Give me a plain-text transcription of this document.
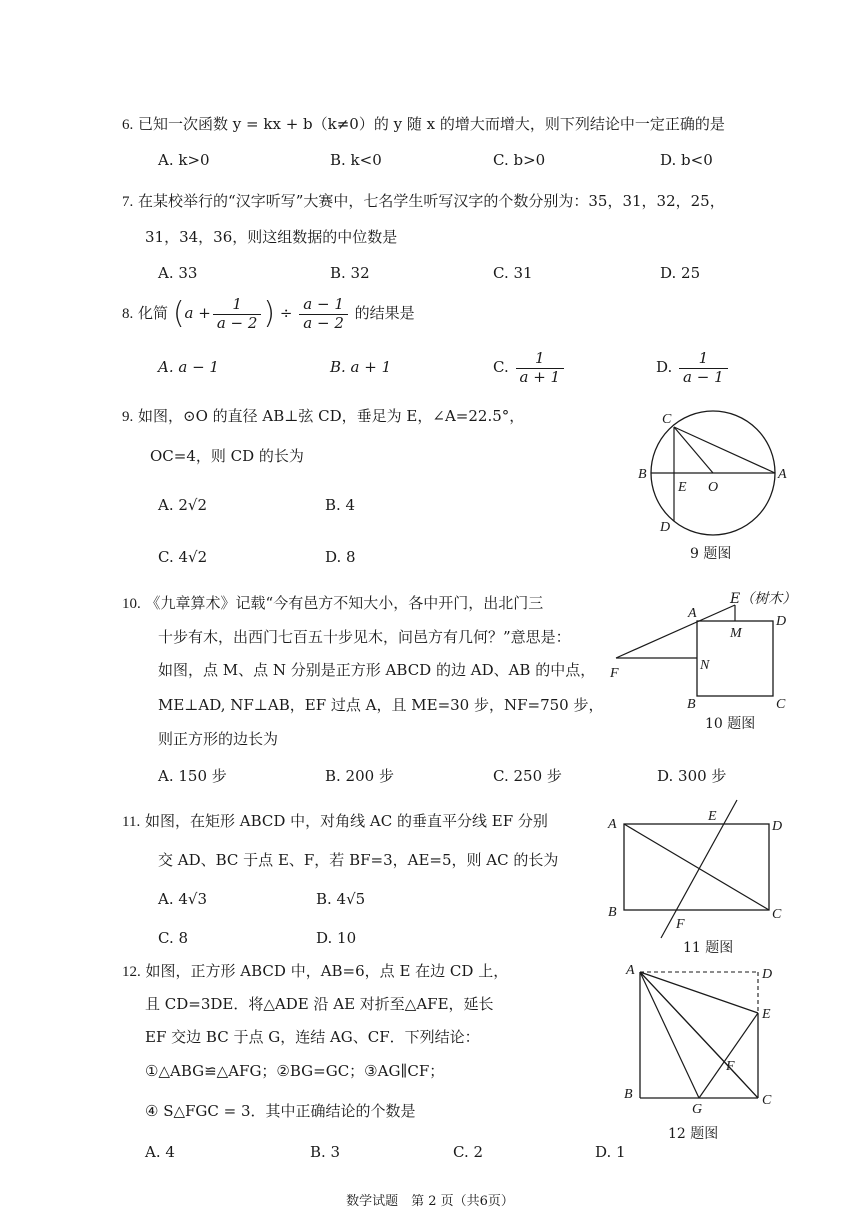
6. 已知一次函数 y = kx + b（k≠0）的 y 随 x 的增大而增大，则下列结论中一定正确的是
A. k>0	B. k<0	C. b>0	D. b<0
7. 在某校举行的“汉字听写”大赛中，七名学生听写汉字的个数分别为：35，31，32，25，
31，34，36，则这组数据的中位数是
A. 33	B. 32	C. 31	D. 25
8. 化简 ($a + \frac{1}{a - 2}$ ) ÷ $\frac{a - 1}{a - 2}$ 的结果是
A. a − 1	B. a + 1	C. $\frac{1}{a + 1}$	D. $\frac{1}{a - 1}$
9. 如图，⊙O 的直径 AB⊥弦 CD，垂足为 E，∠A=22.5°，
OC=4，则 CD 的长为
A. 2√2	B. 4
C. 4√2	D. 8
C
B	A
E O
D
9 题图
10. 《九章算术》记载“今有邑方不知大小，各中开门，出北门三
十步有木，出西门七百五十步见木，问邑方有几何？”意思是：
如图，点 M、点 N 分别是正方形 ABCD 的边 AD、AB 的中点，
ME⊥AD, NF⊥AB，EF 过点 A，且 ME=30 步，NF=750 步，
则正方形的边长为
A. 150 步	B. 200 步	C. 250 步	D. 300 步
A
M
D
N
F
B	C
E（树木）
10 题图
11. 如图，在矩形 ABCD 中，对角线 AC 的垂直平分线 EF 分别
交 AD、BC 于点 E、F，若 BF=3，AE=5，则 AC 的长为
A. 4√3	B. 4√5
C. 8	D. 10
A
E
D
B
F
C
11 题图
12. 如图，正方形 ABCD 中，AB=6，点 E 在边 CD 上，
且 CD=3DE．将△ADE 沿 AE 对折至△AFE，延长
EF 交边 BC 于点 G，连结 AG、CF．下列结论：
①△ABG≌△AFG；②BG=GC；③AG∥CF；
④ S△FGC = 3．其中正确结论的个数是
A. 4	B. 3	C. 2	D. 1
A	D
E
F
B
G
C
12 题图
数学试题　第 2 页（共6页）
